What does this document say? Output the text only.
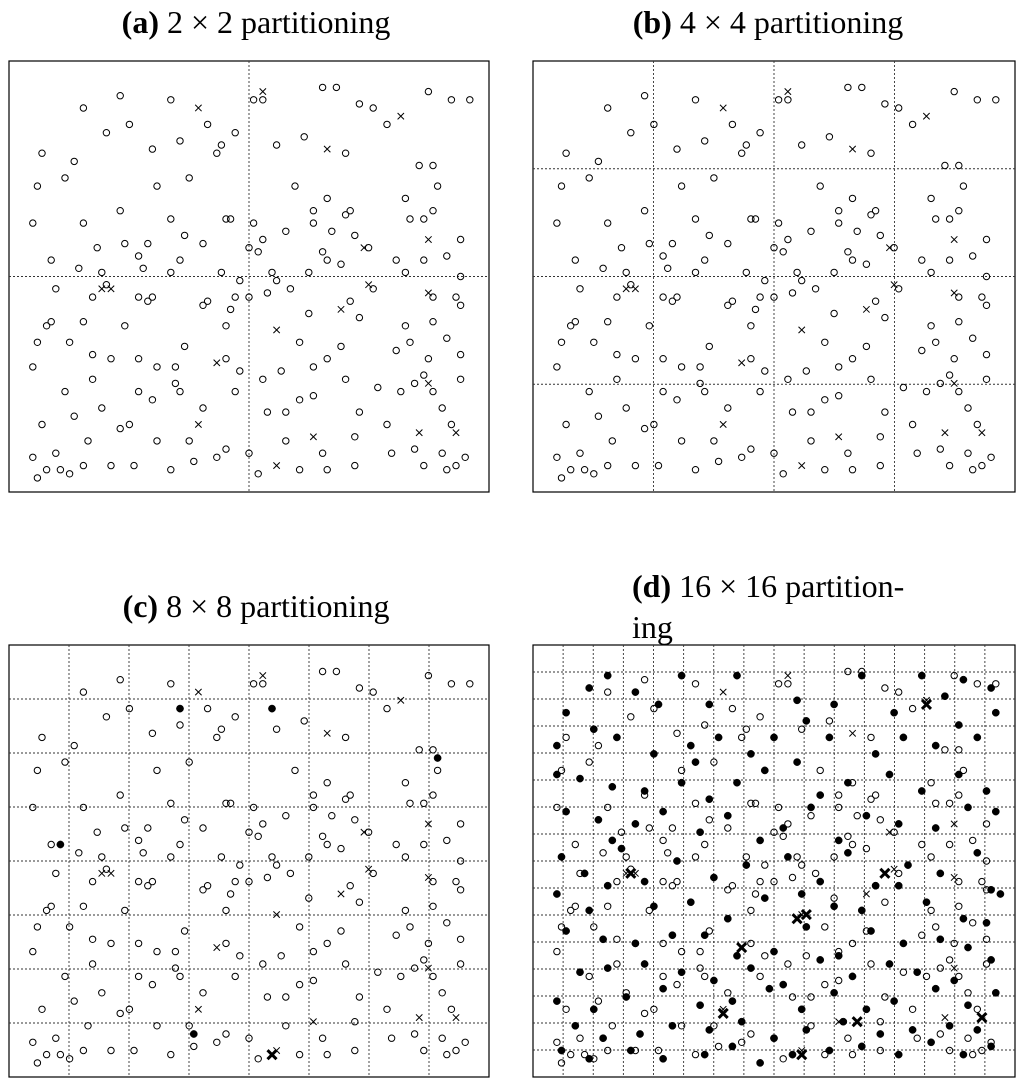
(a) 2 × 2 partitioning	(b) 4 × 4 partitioning
(c) 8 × 8 partitioning
(d) 16 × 16 partition-
ing
